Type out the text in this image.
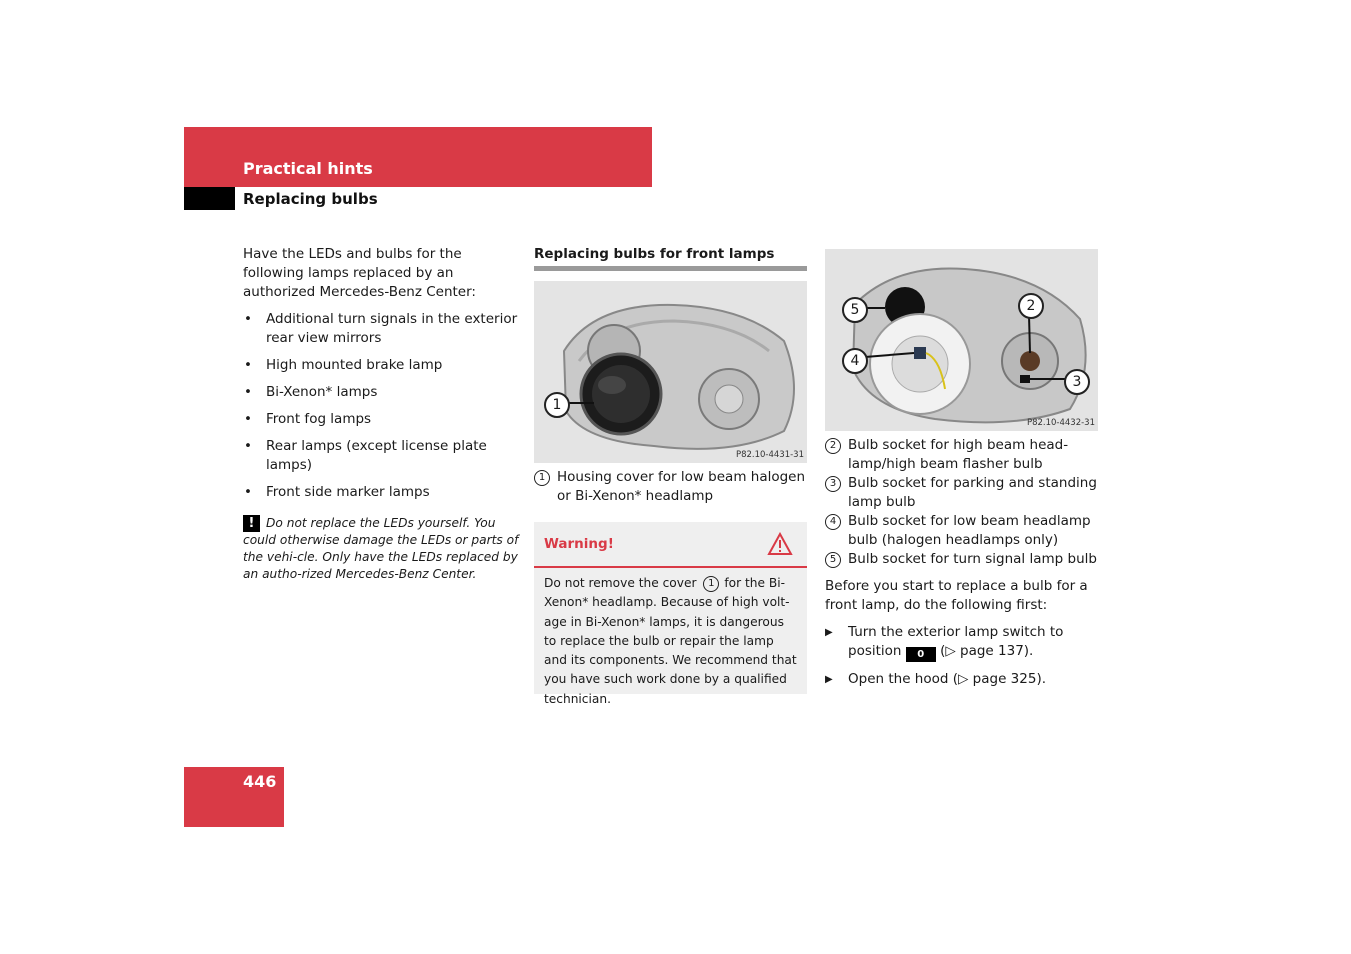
Practical hints
Replacing bulbs

Have the LEDs and bulbs for the following lamps replaced by an authorized Mercedes-Benz Center:

• Additional turn signals in the exterior rear view mirrors
• High mounted brake lamp
• Bi-Xenon* lamps
• Front fog lamps
• Rear lamps (except license plate lamps)
• Front side marker lamps
! Do not replace the LEDs yourself. You could otherwise damage the LEDs or parts of the vehi-cle. Only have the LEDs replaced by an autho-rized Mercedes-Benz Center.
Replacing bulbs for front lamps
1
P82.10-4431-31
1 Housing cover for low beam halogen or Bi-Xenon* headlamp
Warning!
Do not remove the cover 1 for the Bi-Xenon* headlamp. Because of high volt-age in Bi-Xenon* lamps, it is dangerous to replace the bulb or repair the lamp and its components. We recommend that you have such work done by a qualified technician.
5	2
4
3
P82.10-4432-31
2 Bulb socket for high beam head-lamp/high beam flasher bulb
3 Bulb socket for parking and standing lamp bulb
4 Bulb socket for low beam headlamp bulb (halogen headlamps only)
5 Bulb socket for turn signal lamp bulb

Before you start to replace a bulb for a front lamp, do the following first:

▶ Turn the exterior lamp switch to position 0 (▷ page 137).
▶ Open the hood (▷ page 325).
446
